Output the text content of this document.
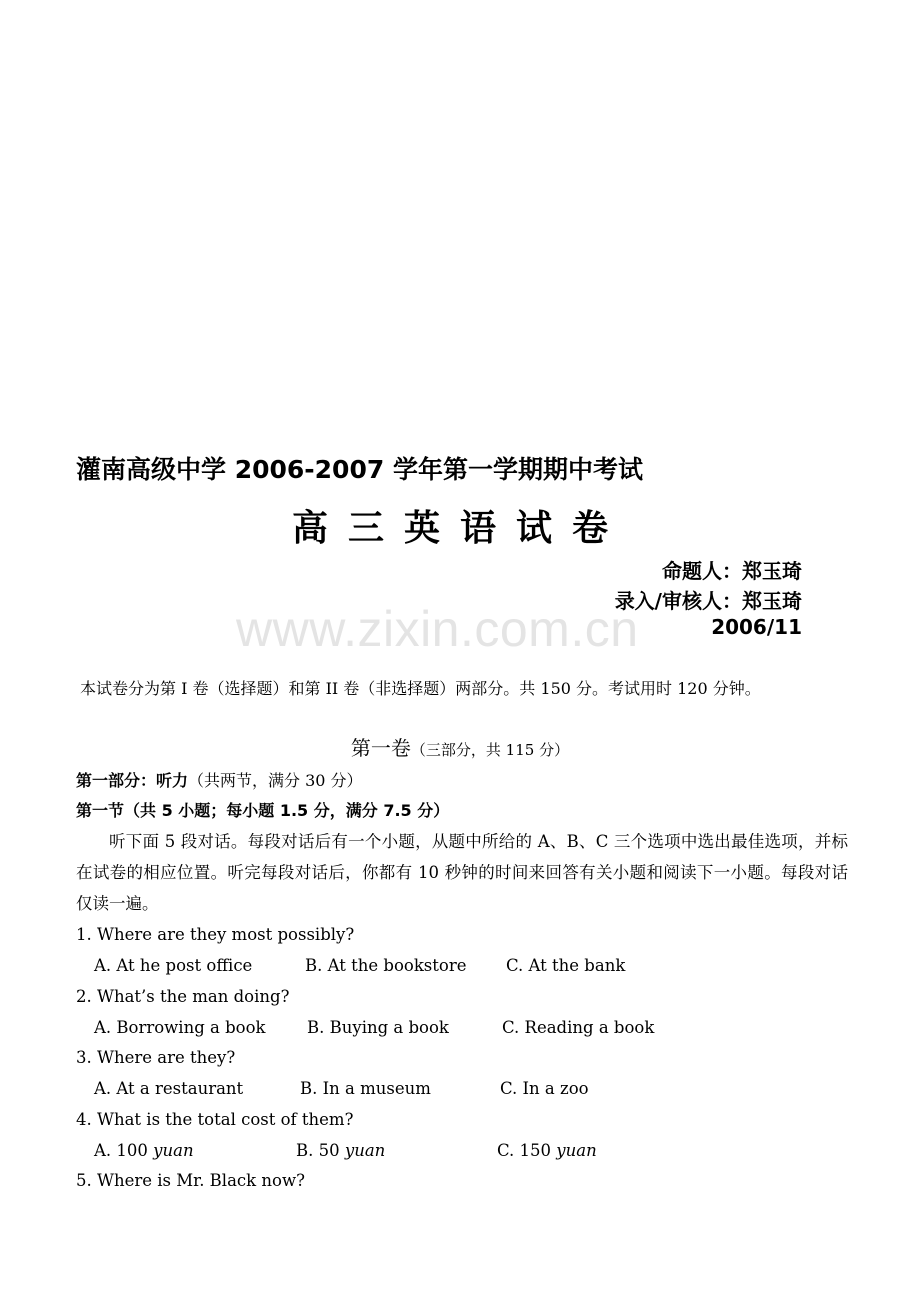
灌南高级中学 2006-2007 学年第一学期期中考试
高三英语试卷
命题人：郑玉琦
录入/审核人：郑玉琦
2006/11
www.zixin.com.cn
本试卷分为第 I 卷（选择题）和第 II 卷（非选择题）两部分。共 150 分。考试用时 120 分钟。
第一卷（三部分，共 115 分）
第一部分：听力（共两节，满分 30 分）
第一节（共 5 小题；每小题 1.5 分，满分 7.5 分）
听下面 5 段对话。每段对话后有一个小题，从题中所给的 A、B、C 三个选项中选出最佳选项，并标在试卷的相应位置。听完每段对话后，你都有 10 秒钟的时间来回答有关小题和阅读下一小题。每段对话仅读一遍。
1. Where are they most possibly?
A. At he post office	B. At the bookstore C. At the bank
2. What’s the man doing?
A. Borrowing a book	B. Buying a book	C. Reading a book
3. Where are they?
A. At a restaurant	B. In a museum	C. In a zoo
4. What is the total cost of them?
A. 100 yuan	B. 50 yuan	C. 150 yuan
5. Where is Mr. Black now?
